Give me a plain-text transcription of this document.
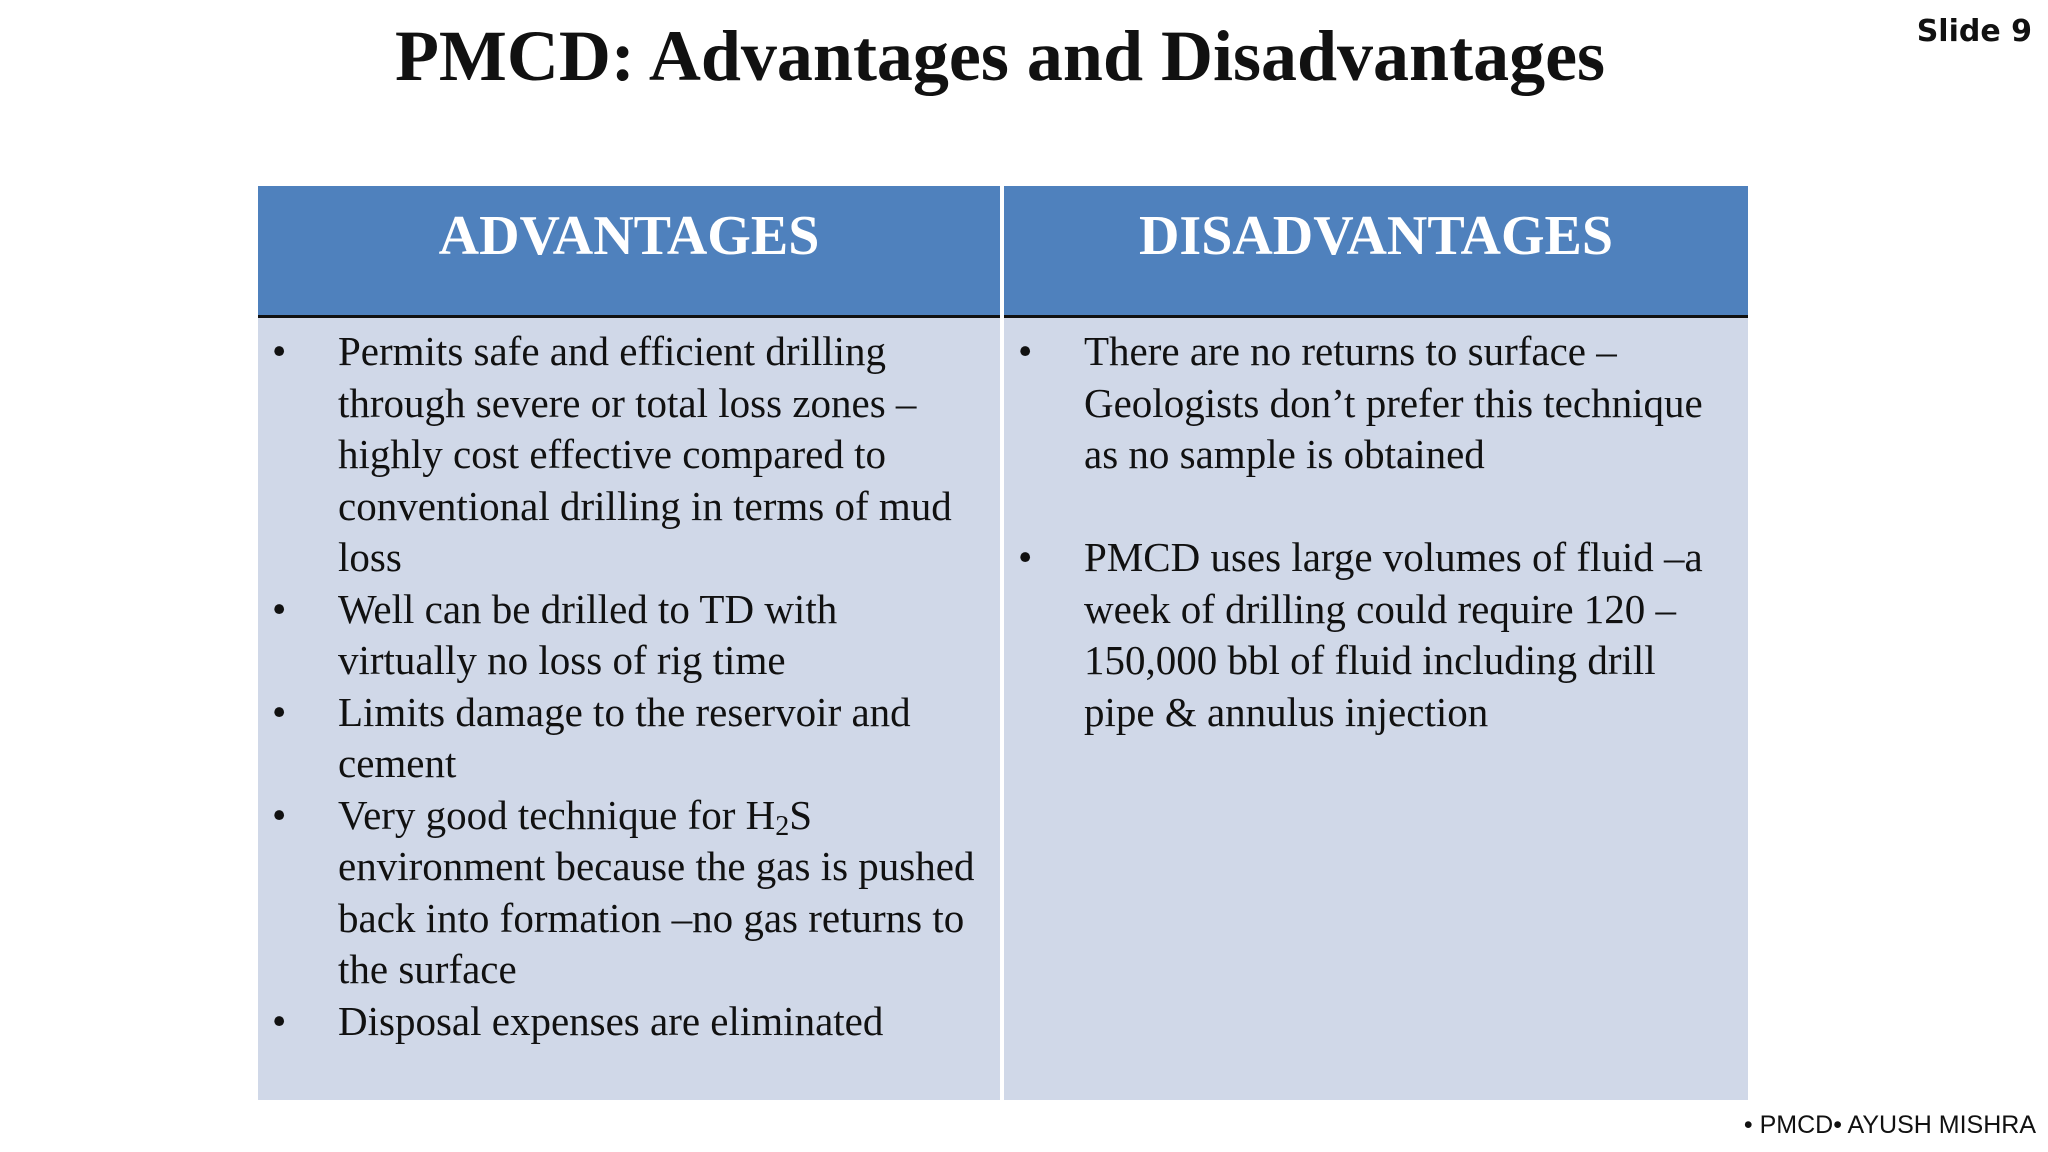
PMCD: Advantages and Disadvantages	Slide 9
ADVANTAGES	DISADVANTAGES
• Permits safe and efficient drilling through severe or total loss zones – highly cost effective compared to conventional drilling in terms of mud loss
• Well can be drilled to TD with virtually no loss of rig time
• Limits damage to the reservoir and cement
• Very good technique for $H_2S$ environment because the gas is pushed back into formation –no gas returns to the surface
• Disposal expenses are eliminated
• There are no returns to surface – Geologists don’t prefer this technique as no sample is obtained
• PMCD uses large volumes of fluid –a week of drilling could require 120 – 150,000 bbl of fluid including drill pipe & annulus injection
• PMCD• AYUSH MISHRA
